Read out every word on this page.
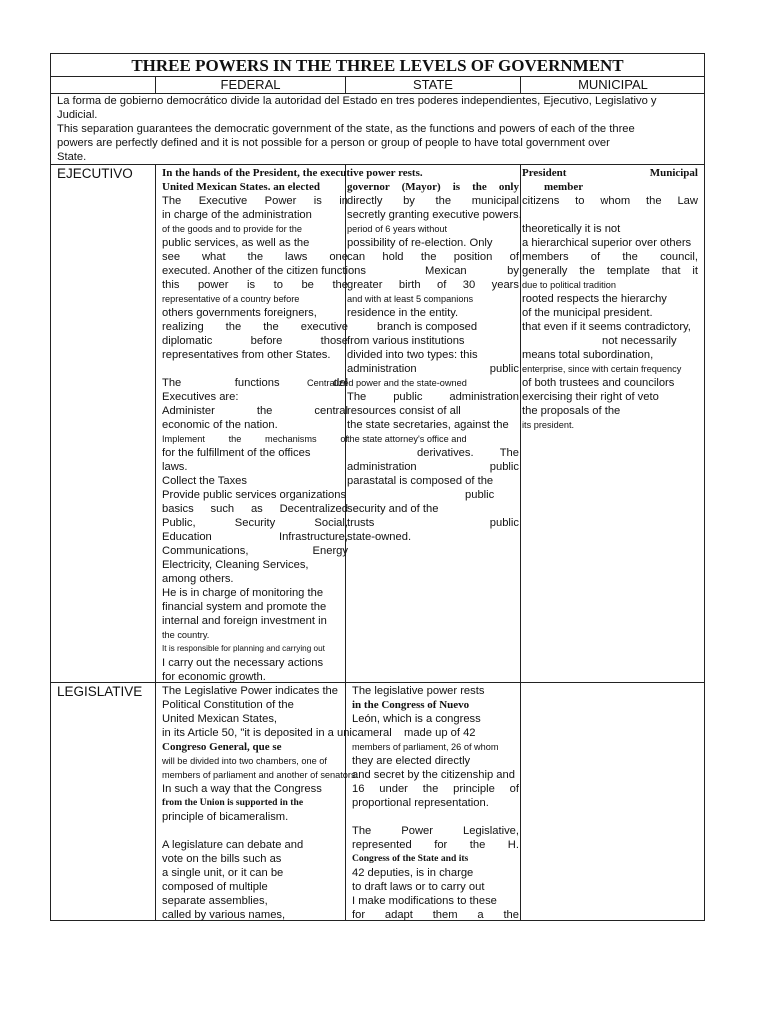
THREE POWERS IN THE THREE LEVELS OF GOVERNMENT
FEDERAL	STATE	MUNICIPAL
La forma de gobierno democrático divide la autoridad del Estado en tres poderes independientes, Ejecutivo, Legislativo y
Judicial.
This separation guarantees the democratic government of the state, as the functions and powers of each of the three
powers are perfectly defined and it is not possible for a person or group of people to have total government over
State.
EJECUTIVO
LEGISLATIVE
In the hands of the President, the executive power rests.
United Mexican States. an elected
The Executive Power is in
in charge of the administration
of the goods and to provide for the
public services, as well as the
see what the laws one
executed. Another of the citizen functions
this power is to be the
representative of a country before
others governments foreigners,
realizing the the executive
diplomatic before those
representatives from other States.
The functions del
Executives are:
Administer the central
economic of the nation.
Implement the mechanisms of
for the fulfillment of the offices
laws.
Collect the Taxes
Provide public services organizations
basics such as Decentralized
Public, Security Social,
Education Infrastructure,
Communications, Energy
Electricity, Cleaning Services,
among others.
He is in charge of monitoring the
financial system and promote the
internal and foreign investment in
the country.
It is responsible for planning and carrying out
I carry out the necessary actions
for economic growth.
governor (Mayor) is the only
directly by the municipal
secretly granting executive powers.
period of 6 years without
possibility of re-election. Only
can hold the position of
Mexican by
greater birth of 30 years
and with at least 5 companions
residence in the entity.
branch is composed
from various institutions
divided into two types: this
administration public
Centralized power and the state-owned
The public administration
resources consist of all
the state secretaries, against the
the state attorney's office and
derivatives. The
administration public
parastatal is composed of the
public
security and of the
trusts public
state-owned.
President Municipal
member
citizens to whom the Law
theoretically it is not
a hierarchical superior over others
members of the council,
generally the template that it
due to political tradition
rooted respects the hierarchy
of the municipal president.
that even if it seems contradictory,
not necessarily
means total subordination,
enterprise, since with certain frequency
of both trustees and councilors
exercising their right of veto
the proposals of the
its president.
The Legislative Power indicates the
Political Constitution of the
United Mexican States,
in its Article 50, "it is deposited in a unicameral
Congreso General, que se
will be divided into two chambers, one of
members of parliament and another of senators.
In such a way that the Congress
from the Union is supported in the
principle of bicameralism.
A legislature can debate and
vote on the bills such as
a single unit, or it can be
composed of multiple
separate assemblies,
called by various names,
The legislative power rests
in the Congress of Nuevo
León, which is a congress
made up of 42
members of parliament, 26 of whom
they are elected directly
and secret by the citizenship and
16 under the principle of
proportional representation.
The Power Legislative,
represented for the H.
Congress of the State and its
42 deputies, is in charge
to draft laws or to carry out
I make modifications to these
for adapt them a the
